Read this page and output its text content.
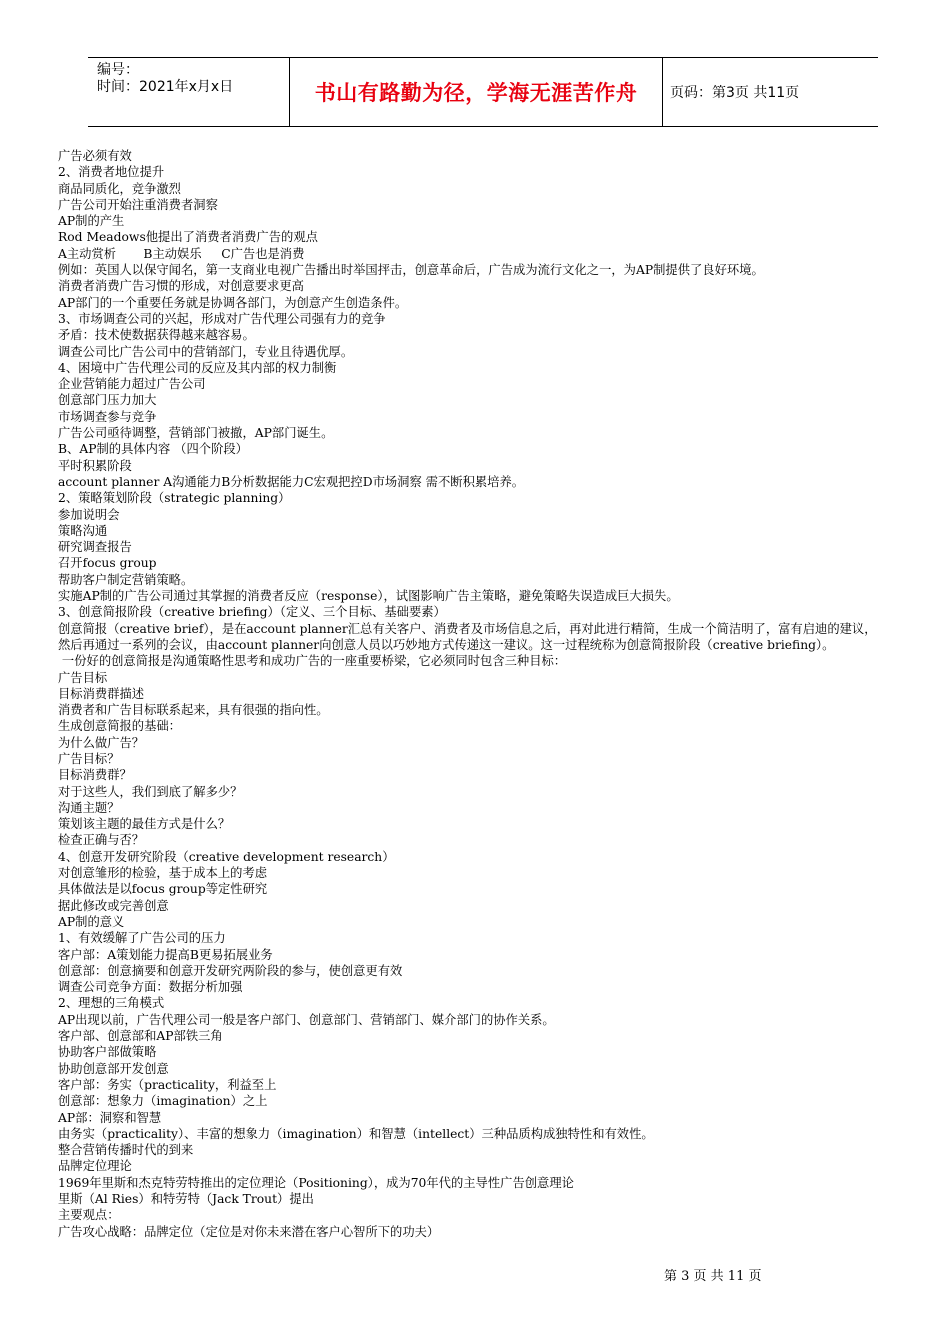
编号：
时间：2021年x月x日	书山有路勤为径，学海无涯苦作舟	页码：第3页 共11页
广告必须有效
2、消费者地位提升
商品同质化，竞争激烈
广告公司开始注重消费者洞察
AP制的产生
Rod Meadows他提出了消费者消费广告的观点
A主动赏析       B主动娱乐     C广告也是消费
例如：英国人以保守闻名，第一支商业电视广告播出时举国抨击，创意革命后，广告成为流行文化之一，为AP制提供了良好环境。
消费者消费广告习惯的形成，对创意要求更高
AP部门的一个重要任务就是协调各部门，为创意产生创造条件。
3、市场调查公司的兴起，形成对广告代理公司强有力的竞争
矛盾：技术使数据获得越来越容易。
调查公司比广告公司中的营销部门，专业且待遇优厚。
4、困境中广告代理公司的反应及其内部的权力制衡
企业营销能力超过广告公司
创意部门压力加大
市场调查参与竞争
广告公司亟待调整，营销部门被撤，AP部门诞生。
B、AP制的具体内容 （四个阶段）
平时积累阶段
account planner A沟通能力B分析数据能力C宏观把控D市场洞察 需不断积累培养。
2、策略策划阶段（strategic planning）
参加说明会
策略沟通
研究调查报告
召开focus group
帮助客户制定营销策略。
实施AP制的广告公司通过其掌握的消费者反应（response），试图影响广告主策略，避免策略失误造成巨大损失。
3、创意简报阶段（creative briefing）（定义、三个目标、基础要素）
创意简报（creative brief），是在account planner汇总有关客户、消费者及市场信息之后，再对此进行精简，生成一个简洁明了，富有启迪的建议，然后再通过一系列的会议，由account planner向创意人员以巧妙地方式传递这一建议。这一过程统称为创意简报阶段（creative briefing）。
一份好的创意简报是沟通策略性思考和成功广告的一座重要桥梁，它必须同时包含三种目标：
广告目标
目标消费群描述
消费者和广告目标联系起来，具有很强的指向性。
生成创意简报的基础：
为什么做广告？
广告目标？
目标消费群？
对于这些人，我们到底了解多少？
沟通主题？
策划该主题的最佳方式是什么？
检查正确与否？
4、创意开发研究阶段（creative development research）
对创意雏形的检验，基于成本上的考虑
具体做法是以focus group等定性研究
据此修改或完善创意
AP制的意义
1、有效缓解了广告公司的压力
客户部：A策划能力提高B更易拓展业务
创意部：创意摘要和创意开发研究两阶段的参与，使创意更有效
调查公司竞争方面：数据分析加强
2、理想的三角模式
AP出现以前，广告代理公司一般是客户部门、创意部门、营销部门、媒介部门的协作关系。
客户部、创意部和AP部铁三角
协助客户部做策略
协助创意部开发创意
客户部：务实（practicality，利益至上
创意部：想象力（imagination）之上
AP部：洞察和智慧
由务实（practicality）、丰富的想象力（imagination）和智慧（intellect）三种品质构成独特性和有效性。
整合营销传播时代的到来
品牌定位理论
1969年里斯和杰克特劳特推出的定位理论（Positioning），成为70年代的主导性广告创意理论
里斯（Al Ries）和特劳特（Jack Trout）提出
主要观点：
广告攻心战略：品牌定位（定位是对你未来潜在客户心智所下的功夫）
第 3 页 共 11 页
